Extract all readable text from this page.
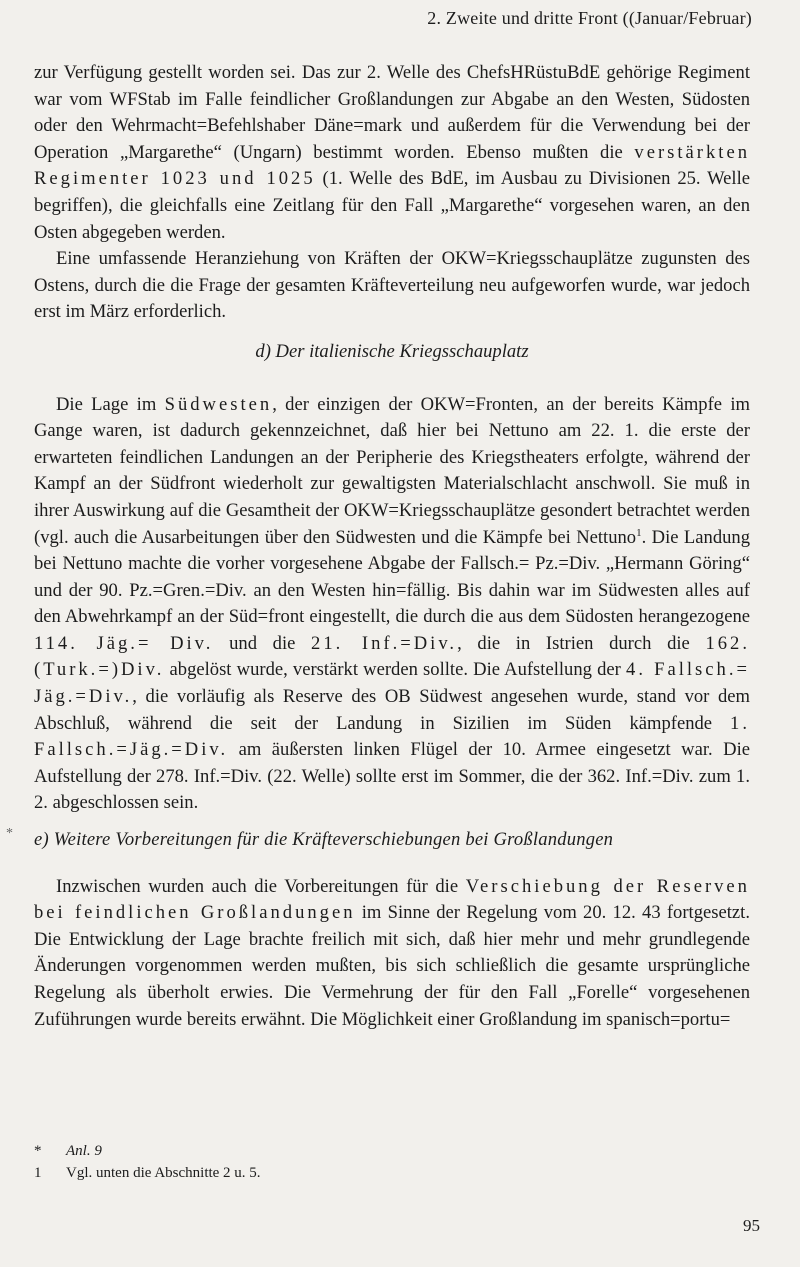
2. Zweite und dritte Front ((Januar/Februar)
*

zur Verfügung gestellt worden sei. Das zur 2. Welle des ChefsHRüstuBdE gehörige Regiment war vom WFStab im Falle feindlicher Großlandungen zur Abgabe an den Westen, Südosten oder den Wehrmacht=Befehlshaber Däne=mark und außerdem für die Verwendung bei der Operation „Margarethe“ (Ungarn) bestimmt worden. Ebenso mußten die verstärkten Regimenter 1023 und 1025 (1. Welle des BdE, im Ausbau zu Divisionen 25. Welle begriffen), die gleichfalls eine Zeitlang für den Fall „Margarethe“ vorgesehen waren, an den Osten abgegeben werden.

Eine umfassende Heranziehung von Kräften der OKW=Kriegsschauplätze zugunsten des Ostens, durch die die Frage der gesamten Kräfteverteilung neu aufgeworfen wurde, war jedoch erst im März erforderlich.

d) Der italienische Kriegsschauplatz

Die Lage im Südwesten, der einzigen der OKW=Fronten, an der bereits Kämpfe im Gange waren, ist dadurch gekennzeichnet, daß hier bei Nettuno am 22. 1. die erste der erwarteten feindlichen Landungen an der Peripherie des Kriegstheaters erfolgte, während der Kampf an der Südfront wiederholt zur gewaltigsten Materialschlacht anschwoll. Sie muß in ihrer Auswirkung auf die Gesamtheit der OKW=Kriegsschauplätze gesondert betrachtet werden (vgl. auch die Ausarbeitungen über den Südwesten und die Kämpfe bei Nettuno$^1$. Die Landung bei Nettuno machte die vorher vorgesehene Abgabe der Fallsch.= Pz.=Div. „Hermann Göring“ und der 90. Pz.=Gren.=Div. an den Westen hin=fällig. Bis dahin war im Südwesten alles auf den Abwehrkampf an der Süd=front eingestellt, die durch die aus dem Südosten herangezogene 114. Jäg.= Div. und die 21. Inf.=Div., die in Istrien durch die 162. (Turk.=)Div. abgelöst wurde, verstärkt werden sollte. Die Aufstellung der 4. Fallsch.= Jäg.=Div., die vorläufig als Reserve des OB Südwest angesehen wurde, stand vor dem Abschluß, während die seit der Landung in Sizilien im Süden kämpfende 1. Fallsch.=Jäg.=Div. am äußersten linken Flügel der 10. Armee eingesetzt war. Die Aufstellung der 278. Inf.=Div. (22. Welle) sollte erst im Sommer, die der 362. Inf.=Div. zum 1. 2. abgeschlossen sein.

e) Weitere Vorbereitungen für die Kräfteverschiebungen bei Großlandungen

Inzwischen wurden auch die Vorbereitungen für die Verschiebung der Reserven bei feindlichen Großlandungen im Sinne der Regelung vom 20. 12. 43 fortgesetzt. Die Entwicklung der Lage brachte freilich mit sich, daß hier mehr und mehr grundlegende Änderungen vorgenommen werden mußten, bis sich schließlich die gesamte ursprüngliche Regelung als überholt erwies. Die Vermehrung der für den Fall „Forelle“ vorgesehenen Zuführungen wurde bereits erwähnt. Die Möglichkeit einer Großlandung im spanisch=portu=

*	Anl. 9
1	Vgl. unten die Abschnitte 2 u. 5.
95
